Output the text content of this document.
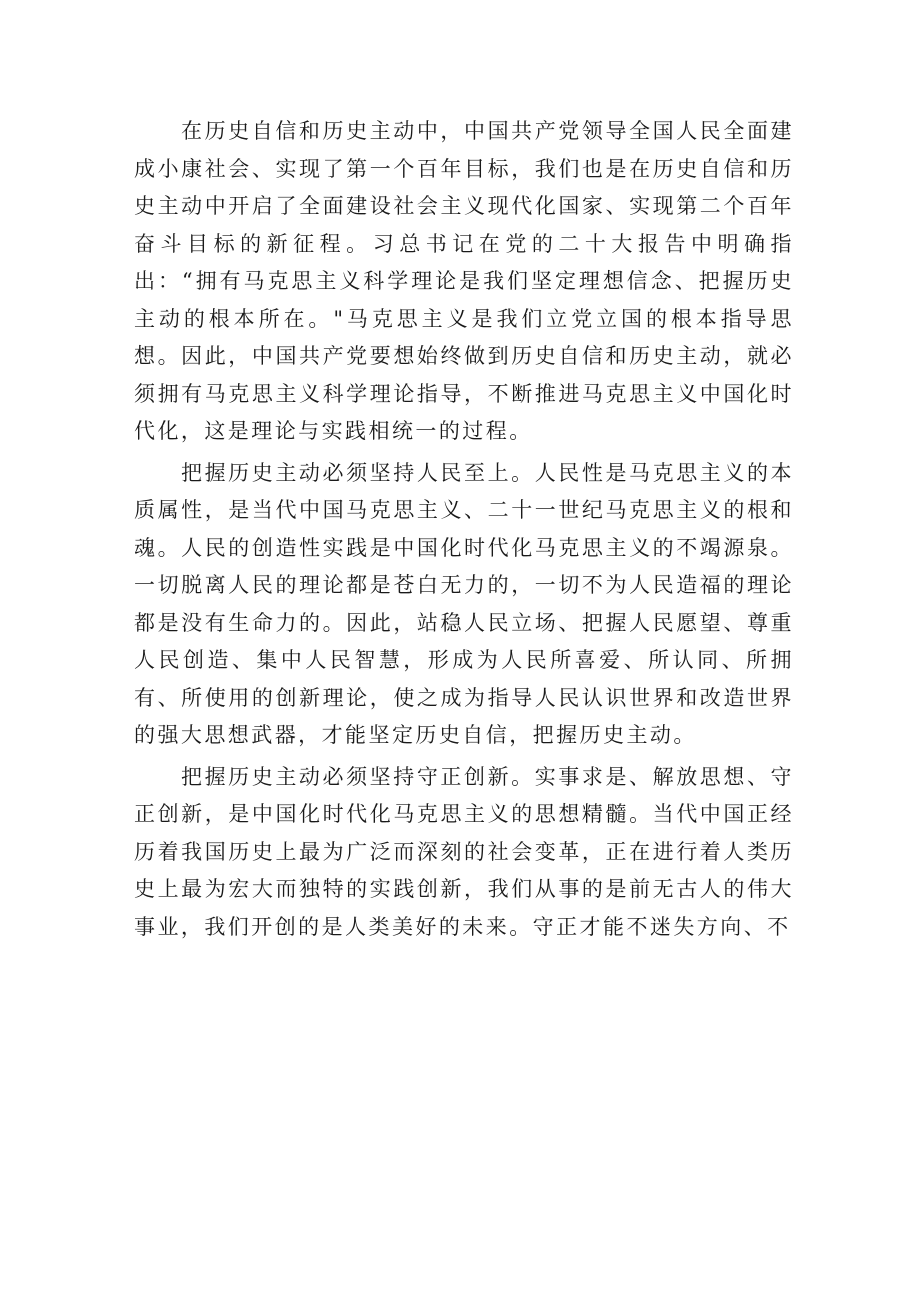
在历史自信和历史主动中，中国共产党领导全国人民全面建成小康社会、实现了第一个百年目标，我们也是在历史自信和历史主动中开启了全面建设社会主义现代化国家、实现第二个百年奋斗目标的新征程。习总书记在党的二十大报告中明确指出：“拥有马克思主义科学理论是我们坚定理想信念、把握历史主动的根本所在。"马克思主义是我们立党立国的根本指导思想。因此，中国共产党要想始终做到历史自信和历史主动，就必须拥有马克思主义科学理论指导，不断推进马克思主义中国化时代化，这是理论与实践相统一的过程。

把握历史主动必须坚持人民至上。人民性是马克思主义的本质属性，是当代中国马克思主义、二十一世纪马克思主义的根和魂。人民的创造性实践是中国化时代化马克思主义的不竭源泉。一切脱离人民的理论都是苍白无力的，一切不为人民造福的理论都是没有生命力的。因此，站稳人民立场、把握人民愿望、尊重人民创造、集中人民智慧，形成为人民所喜爱、所认同、所拥有、所使用的创新理论，使之成为指导人民认识世界和改造世界的强大思想武器，才能坚定历史自信，把握历史主动。

把握历史主动必须坚持守正创新。实事求是、解放思想、守正创新，是中国化时代化马克思主义的思想精髓。当代中国正经历着我国历史上最为广泛而深刻的社会变革，正在进行着人类历史上最为宏大而独特的实践创新，我们从事的是前无古人的伟大事业，我们开创的是人类美好的未来。守正才能不迷失方向、不
